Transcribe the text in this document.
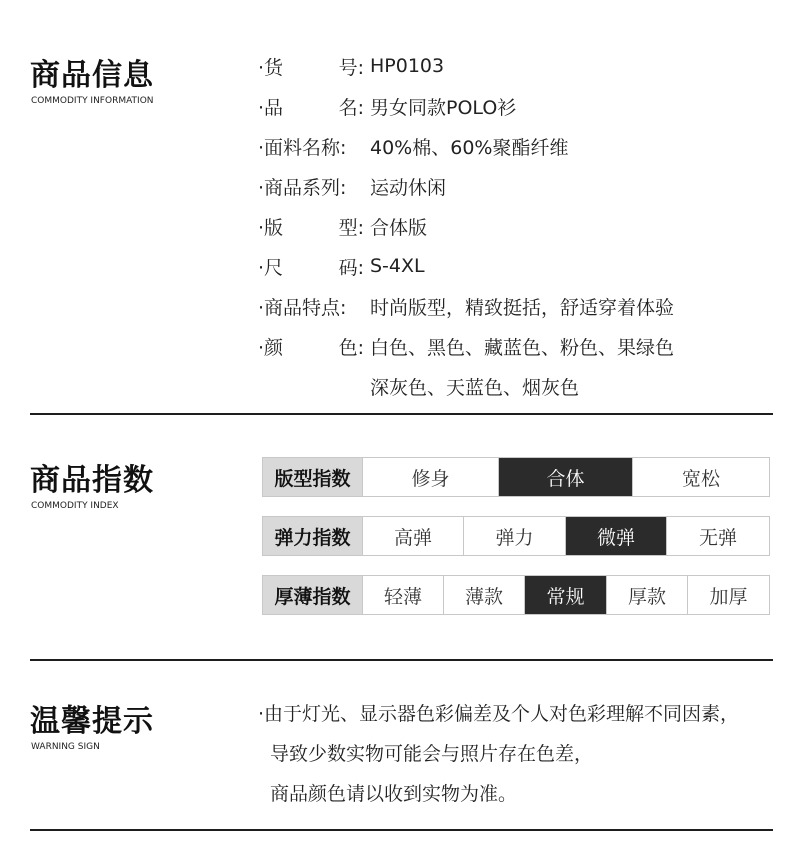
商品信息
COMMODITY INFORMATION
·货	号: HP0103
·品	名: 男女同款POLO衫
·面料名称: 40%棉、60%聚酯纤维
·商品系列: 运动休闲
·版	型: 合体版
·尺	码: S-4XL
·商品特点: 时尚版型，精致挺括，舒适穿着体验
·颜	色: 白色、黑色、藏蓝色、粉色、果绿色
深灰色、天蓝色、烟灰色
商品指数
COMMODITY INDEX
版型指数	修身	合体	宽松
弹力指数	高弹	弹力	微弹	无弹
厚薄指数	轻薄	薄款	常规	厚款	加厚
温馨提示
WARNING SIGN
·由于灯光、显示器色彩偏差及个人对色彩理解不同因素，
导致少数实物可能会与照片存在色差，
商品颜色请以收到实物为准。
